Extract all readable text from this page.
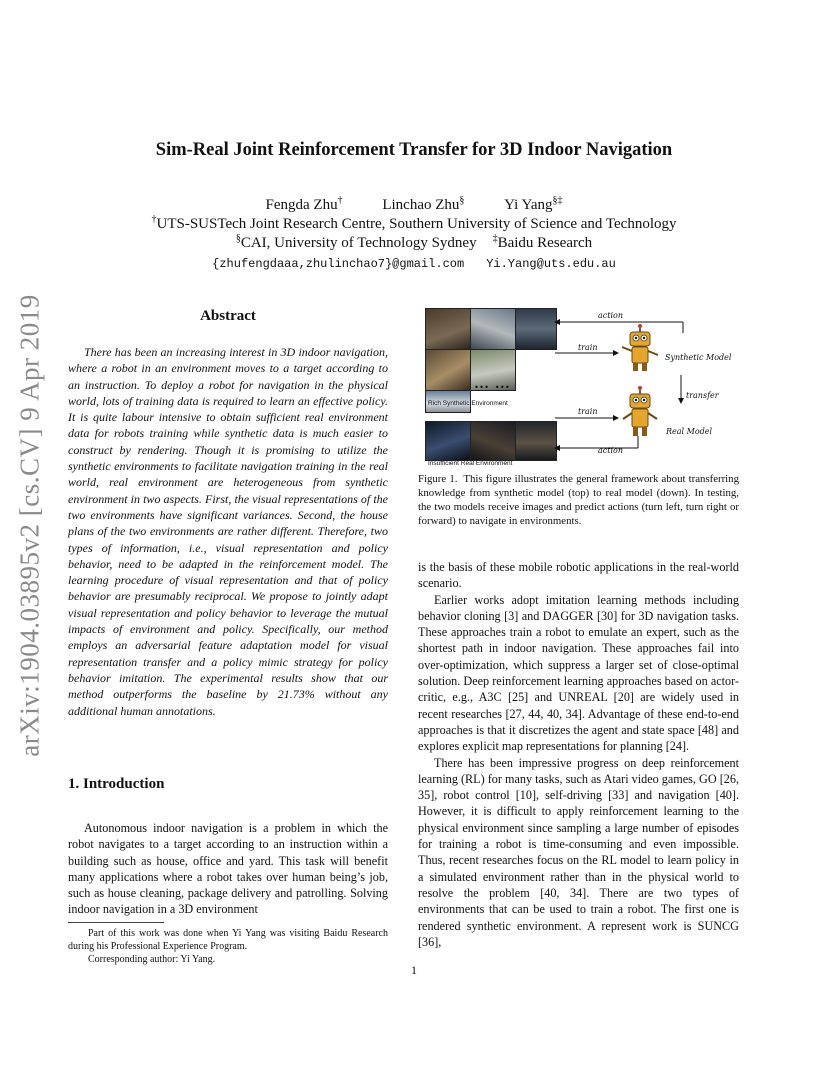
arXiv:1904.03895v2 [cs.CV] 9 Apr 2019
Sim-Real Joint Reinforcement Transfer for 3D Indoor Navigation
Fengda Zhu†	Linchao Zhu§	Yi Yang§‡
†UTS-SUSTech Joint Research Centre, Southern University of Science and Technology
§CAI, University of Technology Sydney ‡Baidu Research
{zhufengdaaa,zhulinchao7}@gmail.com Yi.Yang@uts.edu.au
Abstract

There has been an increasing interest in 3D indoor navigation, where a robot in an environment moves to a target according to an instruction. To deploy a robot for navigation in the physical world, lots of training data is required to learn an effective policy. It is quite labour intensive to obtain sufficient real environment data for robots training while synthetic data is much easier to construct by rendering. Though it is promising to utilize the synthetic environments to facilitate navigation training in the real world, real environment are heterogeneous from synthetic environment in two aspects. First, the visual representations of the two environments have significant variances. Second, the house plans of the two environments are rather different. Therefore, two types of information, i.e., visual representation and policy behavior, need to be adapted in the reinforcement model. The learning procedure of visual representation and that of policy behavior are presumably reciprocal. We propose to jointly adapt visual representation and policy behavior to leverage the mutual impacts of environment and policy. Specifically, our method employs an adversarial feature adaptation model for visual representation transfer and a policy mimic strategy for policy behavior imitation. The experimental results show that our method outperforms the baseline by 21.73% without any additional human annotations.

1. Introduction

Autonomous indoor navigation is a problem in which the robot navigates to a target according to an instruction within a building such as house, office and yard. This task will benefit many applications where a robot takes over human being’s job, such as house cleaning, package delivery and patrolling. Solving indoor navigation in a 3D environment

Part of this work was done when Yi Yang was visiting Baidu Research during his Professional Experience Program.

Corresponding author: Yi Yang.

… …
Rich Synthetic Environment
Insufficient Real Environment
action
train
Synthetic Model
transfer
train
Real Model
action

Figure 1. This figure illustrates the general framework about transferring knowledge from synthetic model (top) to real model (down). In testing, the two models receive images and predict actions (turn left, turn right or forward) to navigate in environments.

is the basis of these mobile robotic applications in the real-world scenario.

Earlier works adopt imitation learning methods including behavior cloning [3] and DAGGER [30] for 3D navigation tasks. These approaches train a robot to emulate an expert, such as the shortest path in indoor navigation. These approaches fail into over-optimization, which suppress a larger set of close-optimal solution. Deep reinforcement learning approaches based on actor-critic, e.g., A3C [25] and UNREAL [20] are widely used in recent researches [27, 44, 40, 34]. Advantage of these end-to-end approaches is that it discretizes the agent and state space [48] and explores explicit map representations for planning [24].

There has been impressive progress on deep reinforcement learning (RL) for many tasks, such as Atari video games, GO [26, 35], robot control [10], self-driving [33] and navigation [40]. However, it is difficult to apply reinforcement learning to the physical environment since sampling a large number of episodes for training a robot is time-consuming and even impossible. Thus, recent researches focus on the RL model to learn policy in a simulated environment rather than in the physical world to resolve the problem [40, 34]. There are two types of environments that can be used to train a robot. The first one is rendered synthetic environment. A represent work is SUNCG [36],

1
